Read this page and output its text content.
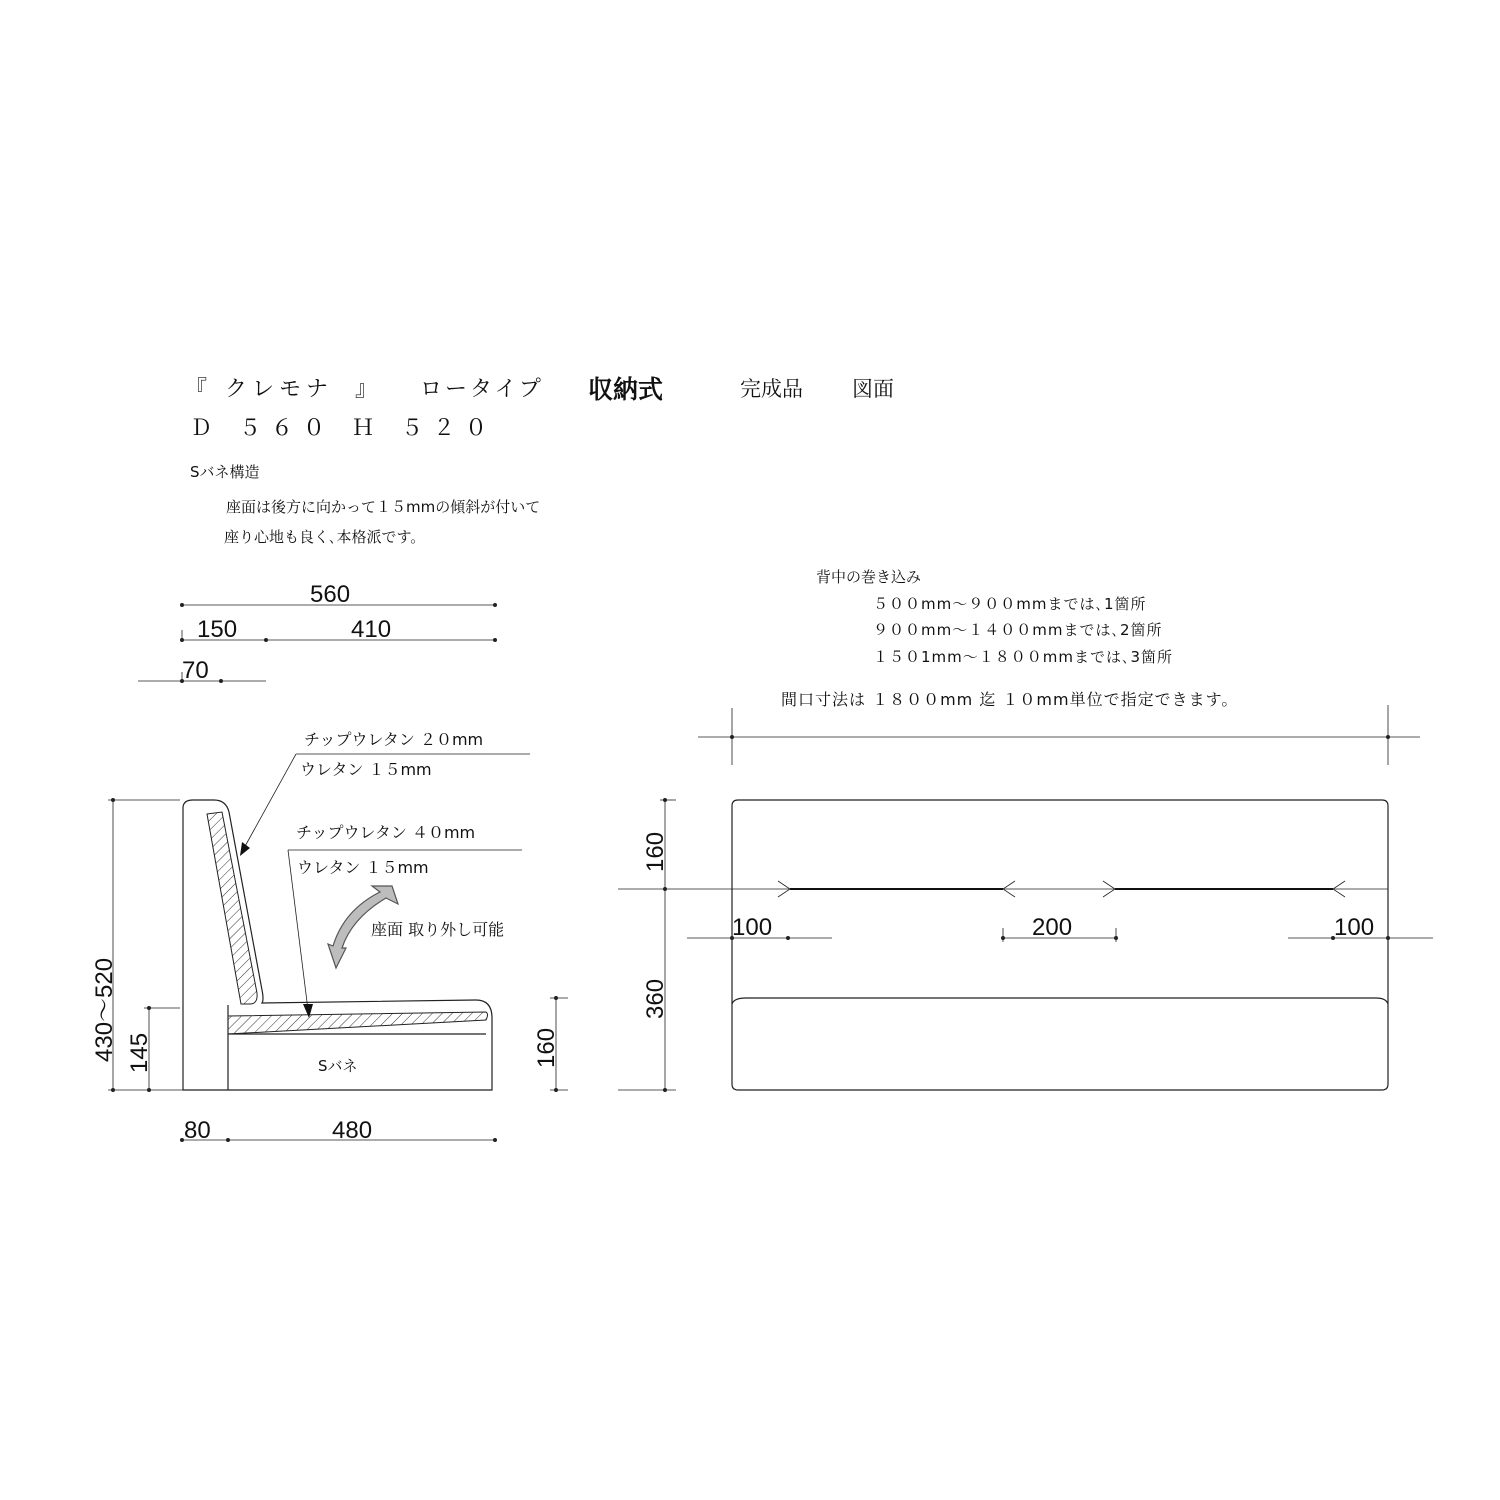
『 クレモナ 』 ロータイプ 収納式	完成品 図面
Ｄ ５６０ Ｈ ５２０
Sバネ構造
座面は後方に向かって１５mmの傾斜が付いて
座り心地も良く､本格派です。
560
150	410
70
Sバネ
チップウレタン ２０mm
ウレタン １５mm
チップウレタン ４０mm
ウレタン １５mm
座面 取り外し可能
430～520 145	160
80	480
背中の巻き込み
５００mm～９００mmまでは､1箇所
９００mm～１４００mmまでは､2箇所
１５０1mm～１８００mmまでは､3箇所
間口寸法は １８００mm 迄 １０mm単位で指定できます。
160
360
100	200	100
